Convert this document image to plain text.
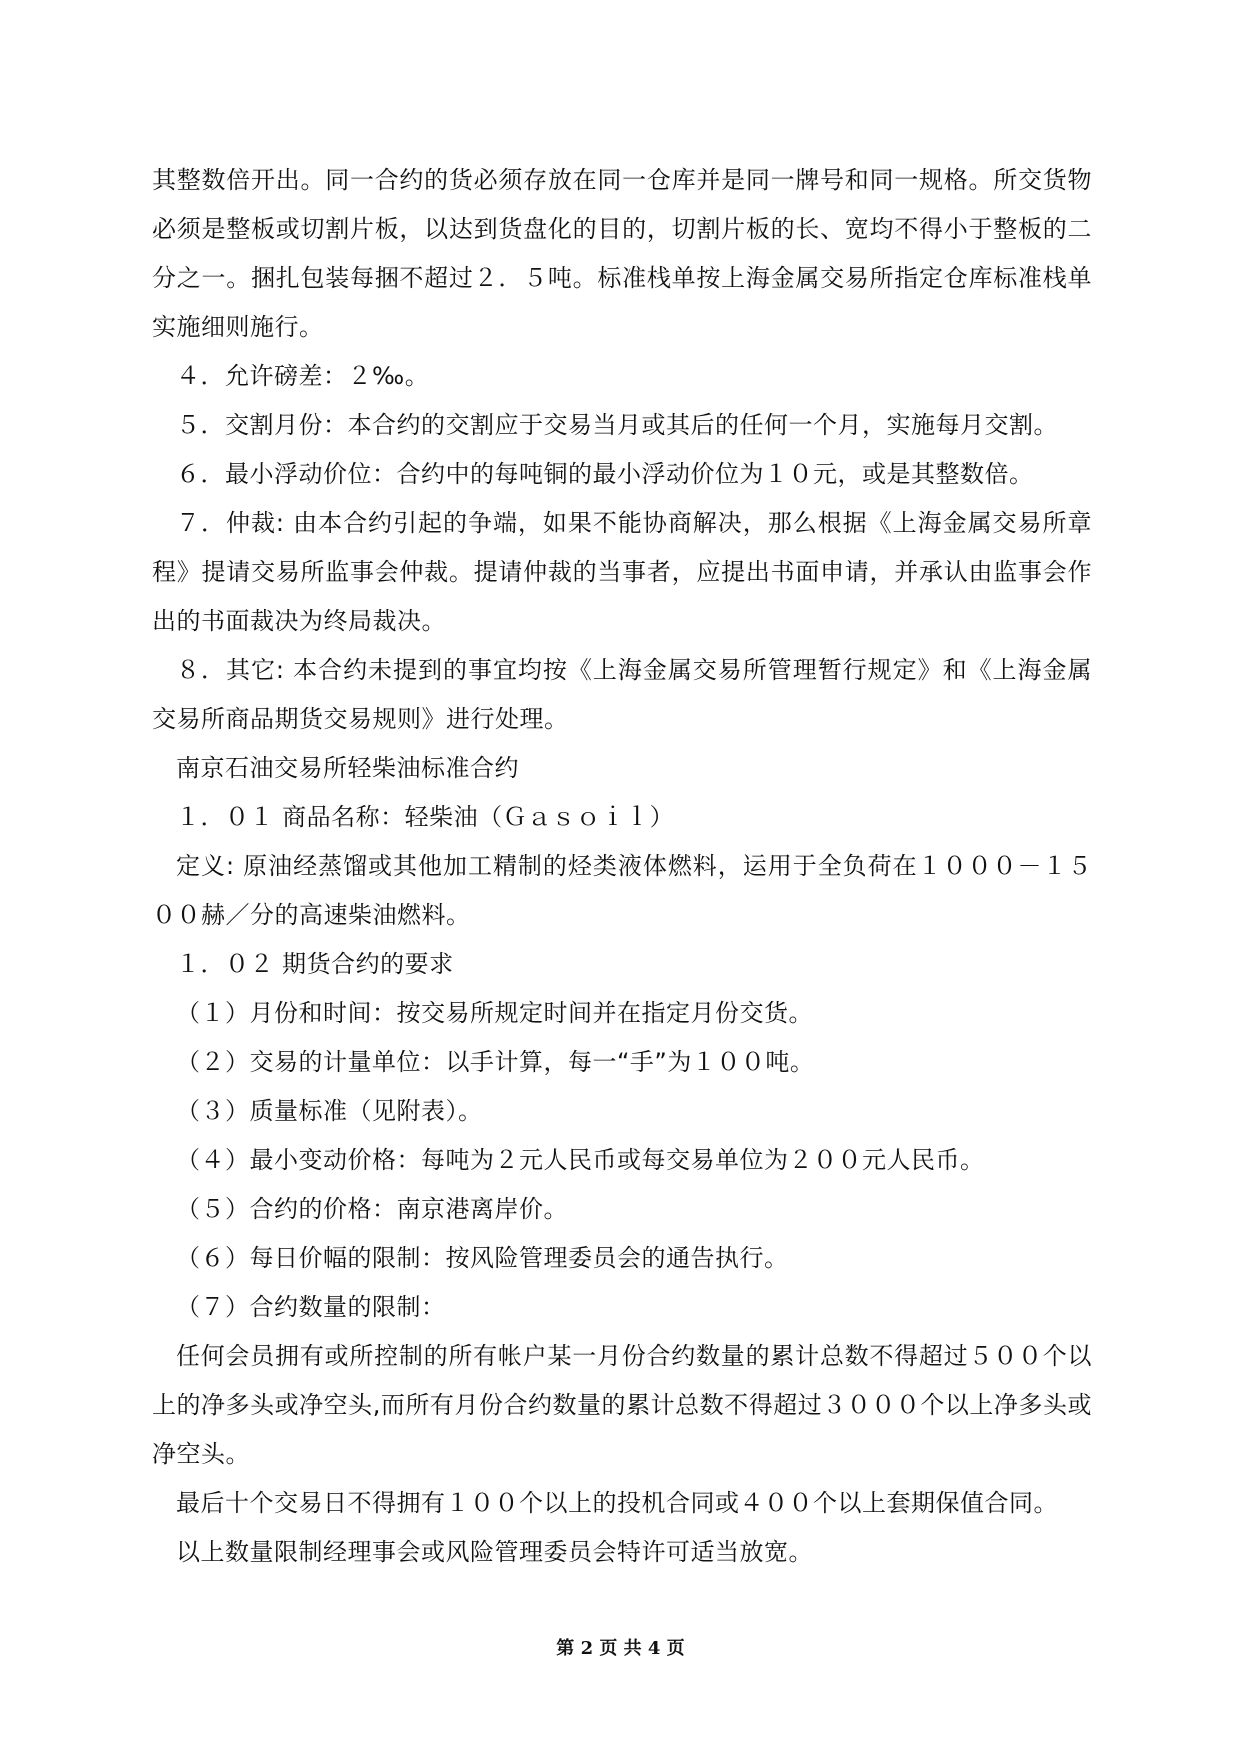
其整数倍开出。同一合约的货必须存放在同一仓库并是同一牌号和同一规格。所交货物必须是整板或切割片板，以达到货盘化的目的，切割片板的长、宽均不得小于整板的二分之一。捆扎包装每捆不超过２．５吨。标准栈单按上海金属交易所指定仓库标准栈单实施细则施行。

４．允许磅差：２‰。

５．交割月份：本合约的交割应于交易当月或其后的任何一个月，实施每月交割。

６．最小浮动价位：合约中的每吨铜的最小浮动价位为１０元，或是其整数倍。

７．仲裁: 由本合约引起的争端，如果不能协商解决，那么根据《上海金属交易所章程》提请交易所监事会仲裁。提请仲裁的当事者，应提出书面申请，并承认由监事会作出的书面裁决为终局裁决。

８．其它: 本合约未提到的事宜均按《上海金属交易所管理暂行规定》和《上海金属交易所商品期货交易规则》进行处理。

南京石油交易所轻柴油标准合约

１．０１ 商品名称：轻柴油（Ｇａｓｏｉｌ）

定义: 原油经蒸馏或其他加工精制的烃类液体燃料，运用于全负荷在１０００－１５００赫／分的高速柴油燃料。

１．０２ 期货合约的要求

（１）月份和时间：按交易所规定时间并在指定月份交货。

（２）交易的计量单位：以手计算，每一“手”为１００吨。

（３）质量标准（见附表）。

（４）最小变动价格：每吨为２元人民币或每交易单位为２００元人民币。

（５）合约的价格：南京港离岸价。

（６）每日价幅的限制：按风险管理委员会的通告执行。

（７）合约数量的限制：

任何会员拥有或所控制的所有帐户某一月份合约数量的累计总数不得超过５００个以上的净多头或净空头,而所有月份合约数量的累计总数不得超过３０００个以上净多头或净空头。

最后十个交易日不得拥有１００个以上的投机合同或４００个以上套期保值合同。

以上数量限制经理事会或风险管理委员会特许可适当放宽。

第 2 页 共 4 页
